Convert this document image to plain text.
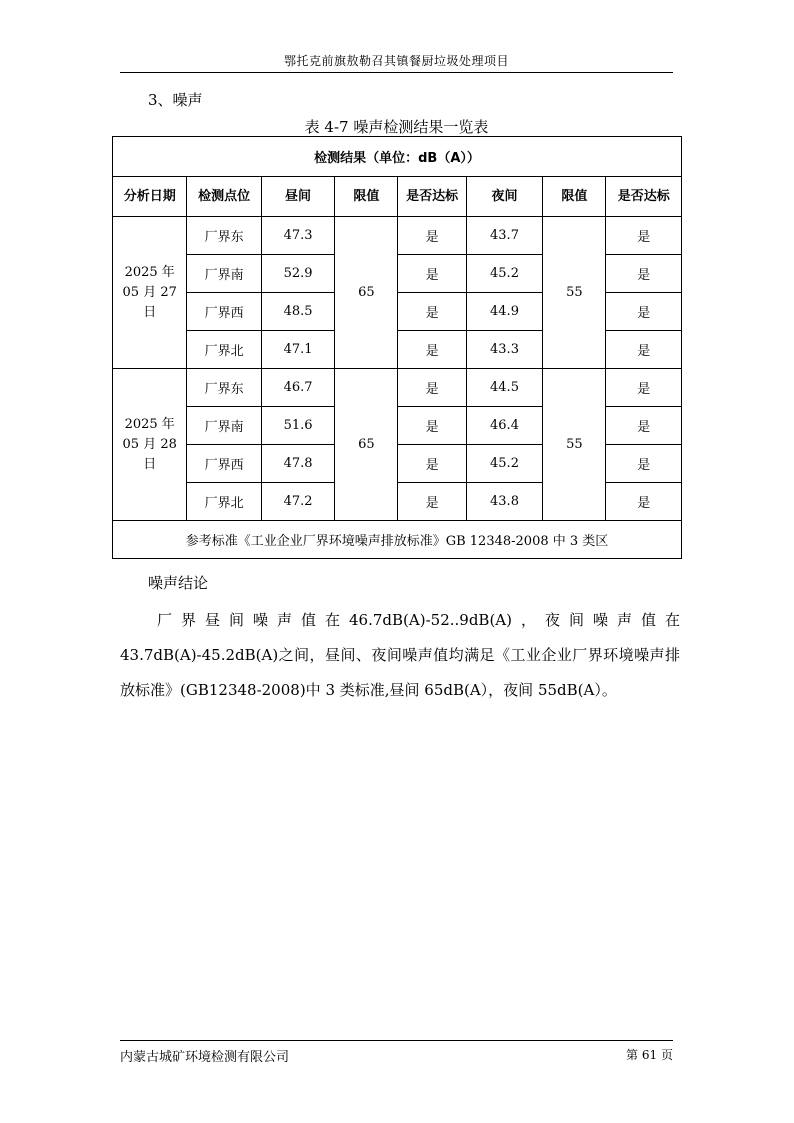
鄂托克前旗敖勒召其镇餐厨垃圾处理项目
3、噪声
表 4-7 噪声检测结果一览表
检测结果（单位：dB（A））							
分析日期	检测点位	昼间	限值	是否达标	夜间	限值	是否达标

2025 年
05 月 27
日	厂界东	47.3	65	是	43.7	55	是
	厂界南	52.9		是	45.2		是
	厂界西	48.5		是	44.9		是
	厂界北	47.1		是	43.3		是

2025 年
05 月 28
日	厂界东	46.7	65	是	44.5	55	是
	厂界南	51.6		是	46.4		是
	厂界西	47.8		是	45.2		是
	厂界北	47.2		是	43.8		是
参考标准《工业企业厂界环境噪声排放标准》GB 12348-2008 中 3 类区							
噪声结论
厂界昼间噪声值在46.7dB(A)-52..9dB(A)，夜间噪声值在43.7dB(A)-45.2dB(A)之间，昼间、夜间噪声值均满足《工业企业厂界环境噪声排放标准》(GB12348-2008)中 3 类标准,昼间 65dB(A），夜间 55dB(A）。
内蒙古城矿环境检测有限公司	第 61 页
